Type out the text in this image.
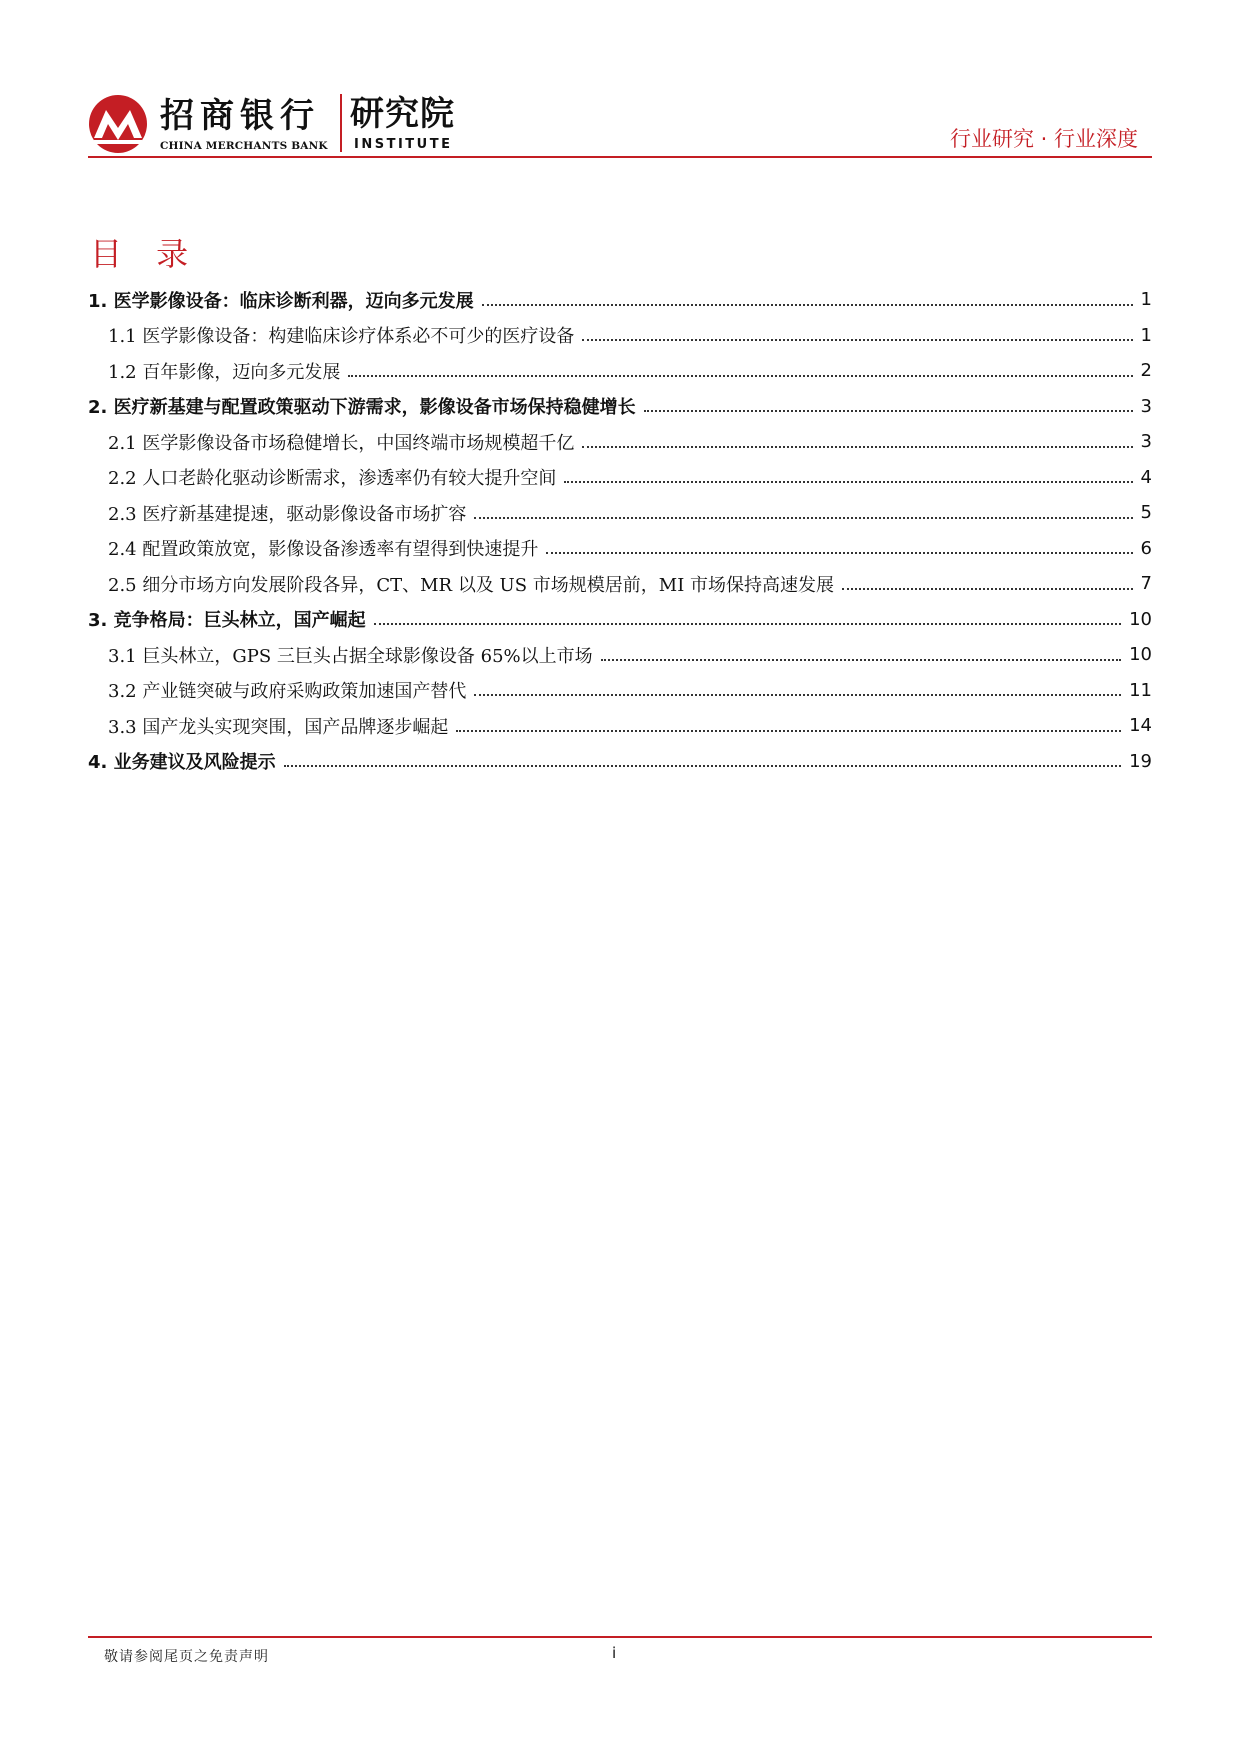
招商银行
CHINA MERCHANTS BANK
研究院
INSTITUTE	行业研究 · 行业深度
目 录
1. 医学影像设备：临床诊断利器，迈向多元发展	1
1.1 医学影像设备：构建临床诊疗体系必不可少的医疗设备	1
1.2 百年影像，迈向多元发展	2
2. 医疗新基建与配置政策驱动下游需求，影像设备市场保持稳健增长	3
2.1 医学影像设备市场稳健增长，中国终端市场规模超千亿	3
2.2 人口老龄化驱动诊断需求，渗透率仍有较大提升空间	4
2.3 医疗新基建提速，驱动影像设备市场扩容	5
2.4 配置政策放宽，影像设备渗透率有望得到快速提升	6
2.5 细分市场方向发展阶段各异，CT、MR 以及 US 市场规模居前，MI 市场保持高速发展	7
3. 竞争格局：巨头林立，国产崛起	10
3.1 巨头林立，GPS 三巨头占据全球影像设备 65%以上市场	10
3.2 产业链突破与政府采购政策加速国产替代	11
3.3 国产龙头实现突围，国产品牌逐步崛起	14
4. 业务建议及风险提示	19
敬请参阅尾页之免责声明	i
